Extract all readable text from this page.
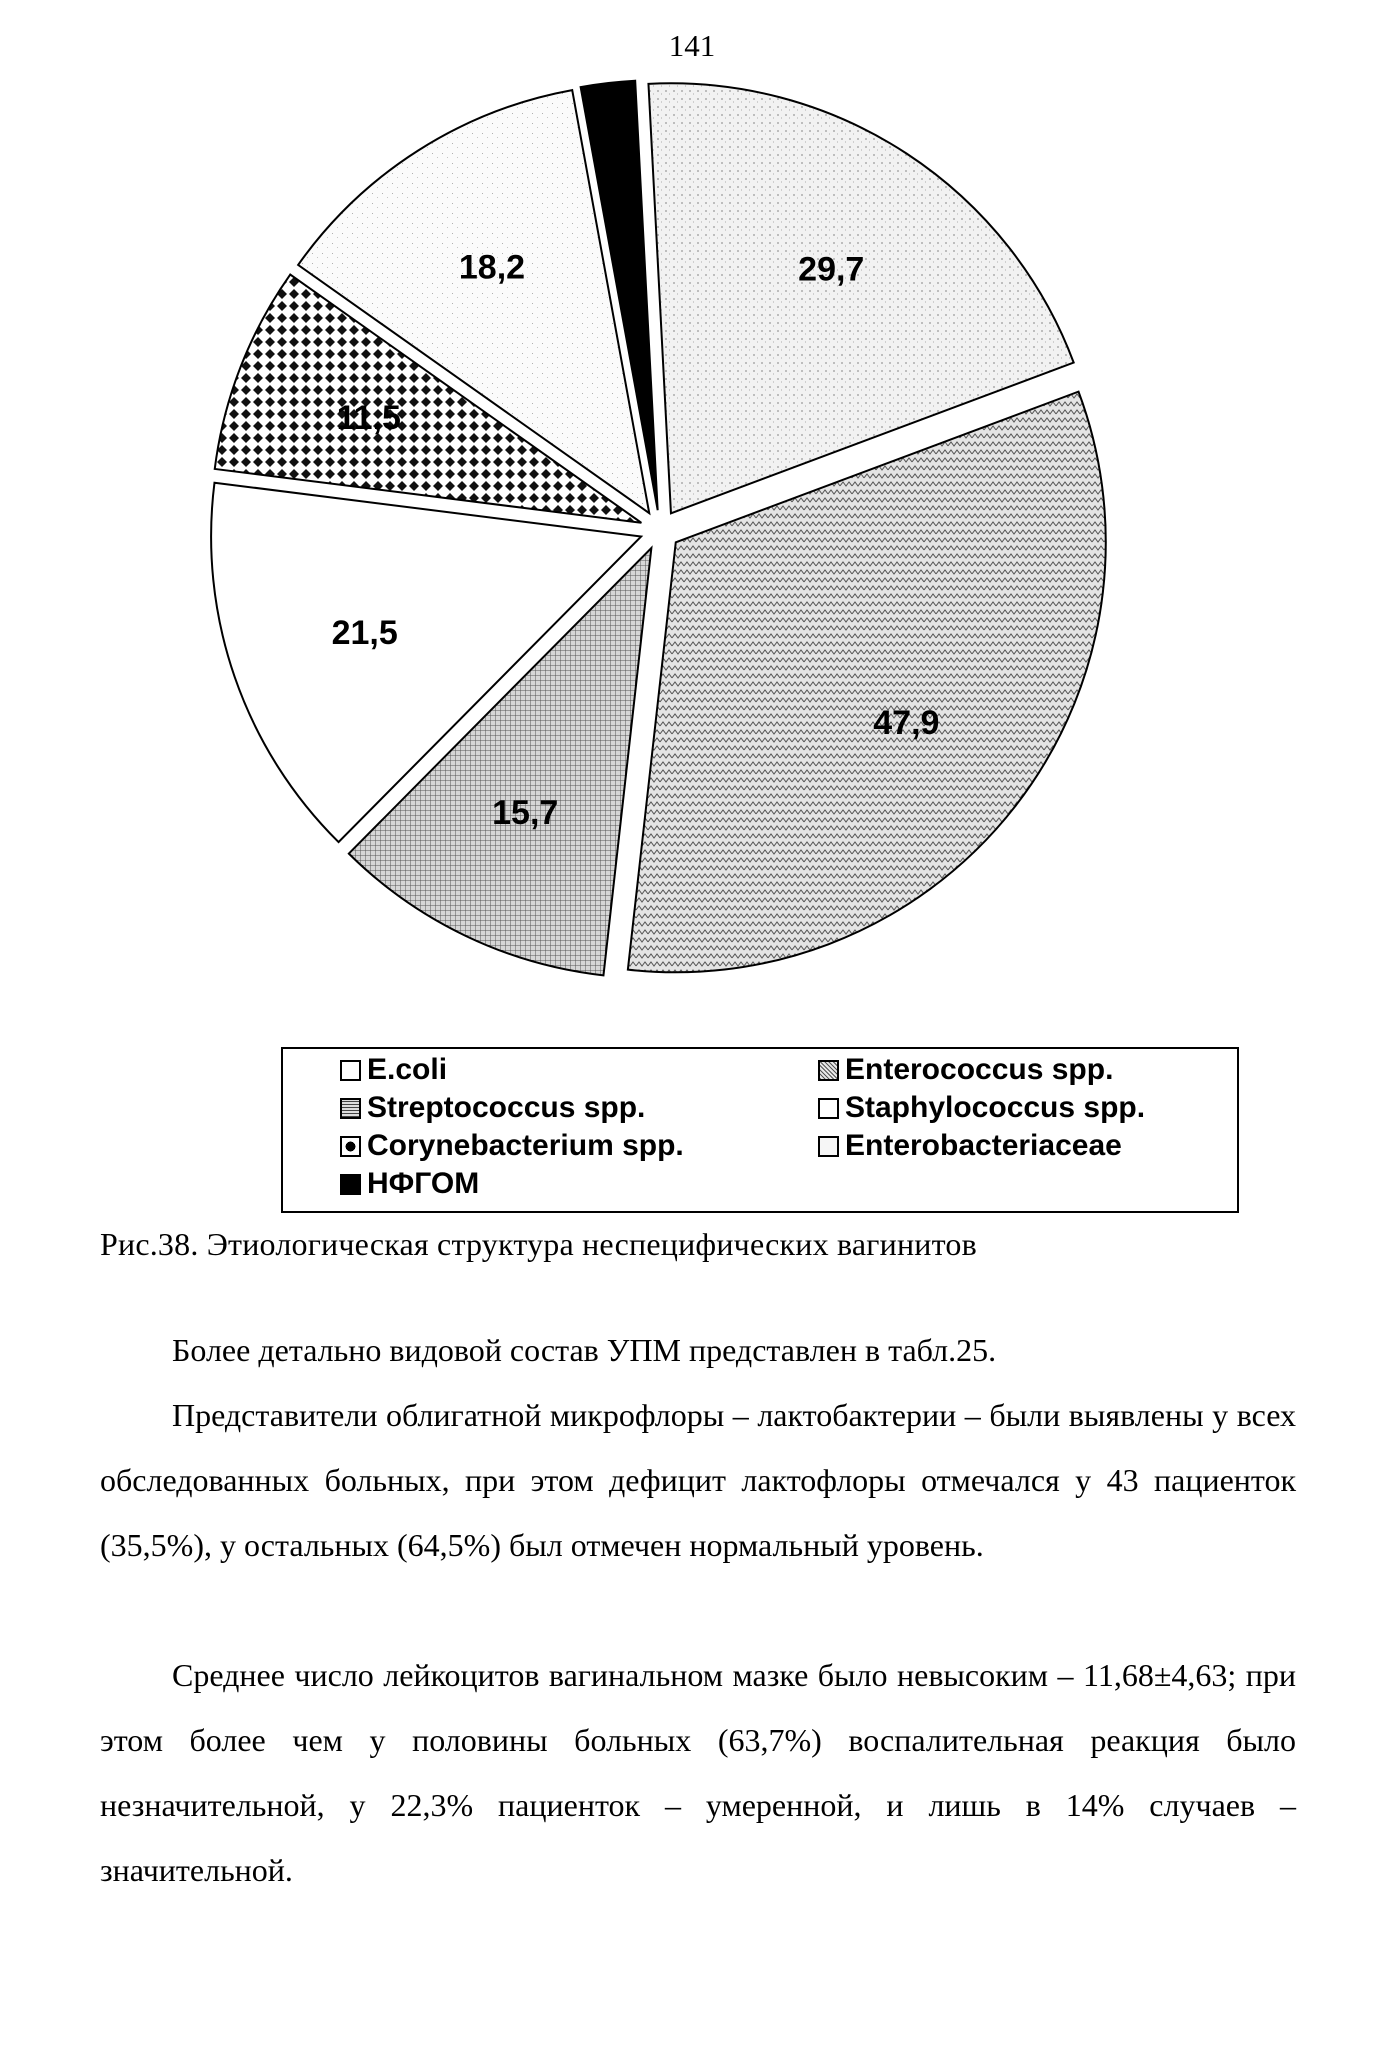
141
29,7
47,9
15,7
21,5
11,5
18,2
E.coli
Streptococcus spp.
Corynebacterium spp.
НФГОМ
Enterococcus spp.
Staphylococcus spp.
Enterobacteriaceae
Рис.38. Этиологическая структура неспецифических вагинитов
Более детально видовой состав УПМ представлен в табл.25.
Представители облигатной микрофлоры – лактобактерии – были выявлены у всех обследованных больных, при этом дефицит лактофлоры отмечался у 43 пациенток (35,5%), у остальных (64,5%) был отмечен нормальный уровень.
Среднее число лейкоцитов вагинальном мазке было невысоким – 11,68±4,63; при этом более чем у половины больных (63,7%) воспалительная реакция было незначительной, у 22,3% пациенток – умеренной, и лишь в 14% случаев – значительной.
